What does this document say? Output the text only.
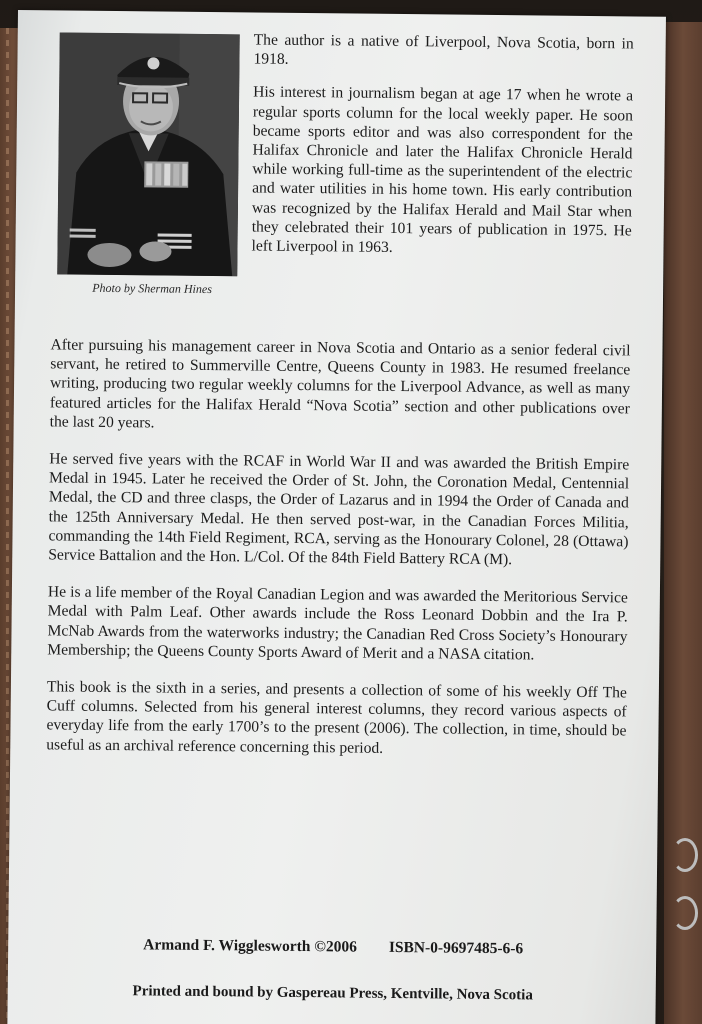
Photo by Sherman Hines

The author is a native of Liverpool, Nova Scotia, born in 1918.

His interest in journalism began at age 17 when he wrote a regular sports column for the local weekly paper. He soon became sports editor and was also correspondent for the Halifax Chronicle and later the Halifax Chronicle Herald while working full-time as the superintendent of the electric and water utilities in his home town. His early contribution was recognized by the Halifax Herald and Mail Star when they celebrated their 101 years of publication in 1975. He left Liverpool in 1963.

After pursuing his management career in Nova Scotia and Ontario as a senior federal civil servant, he retired to Summerville Centre, Queens County in 1983. He resumed freelance writing, producing two regular weekly columns for the Liverpool Advance, as well as many featured articles for the Halifax Herald “Nova Scotia” section and other publications over the last 20 years.

He served five years with the RCAF in World War II and was awarded the British Empire Medal in 1945. Later he received the Order of St. John, the Coronation Medal, Centennial Medal, the CD and three clasps, the Order of Lazarus and in 1994 the Order of Canada and the 125th Anniversary Medal. He then served post-war, in the Canadian Forces Militia, commanding the 14th Field Regiment, RCA, serving as the Honourary Colonel, 28 (Ottawa) Service Battalion and the Hon. L/Col. Of the 84th Field Battery RCA (M).

He is a life member of the Royal Canadian Legion and was awarded the Meritorious Service Medal with Palm Leaf. Other awards include the Ross Leonard Dobbin and the Ira P. McNab Awards from the waterworks industry; the Canadian Red Cross Society’s Honourary Membership; the Queens County Sports Award of Merit and a NASA citation.

This book is the sixth in a series, and presents a collection of some of his weekly Off The Cuff columns. Selected from his general interest columns, they record various aspects of everyday life from the early 1700’s to the present (2006). The collection, in time, should be useful as an archival reference concerning this period.

Armand F. Wigglesworth ©2006 ISBN-0-9697485-6-6
Printed and bound by Gaspereau Press, Kentville, Nova Scotia
